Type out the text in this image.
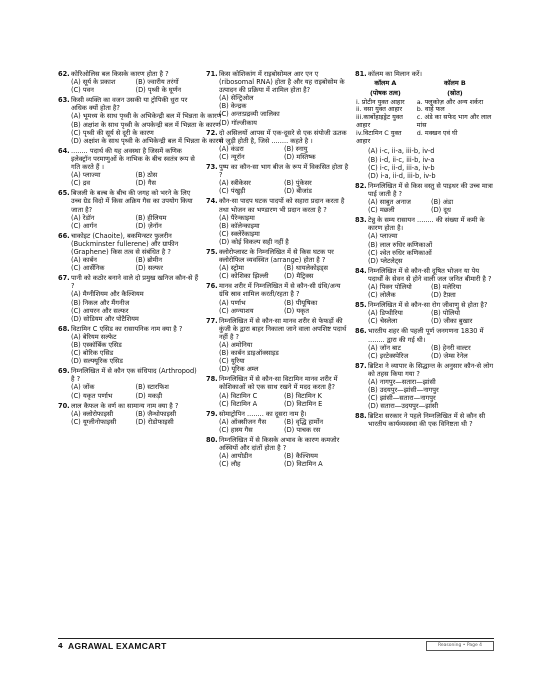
62. कोरिओलिस बल किसके कारण होता है ?
(A) सूर्य के प्रकाश	(B) ज्वारीय तरंगों
(C) पवन	(D) पृथ्वी के घूर्णन
63. किसी व्यक्ति का वजन उसकी या ट्रोपिकी धुरा पर अधिक क्यों होता है?
(A) भूमध्य के साथ पृथ्वी के अभिकेन्द्री बल में भिन्नता के कारण
(B) अक्षांश के साथ पृथ्वी के अपकेन्द्री बल में भिन्नता के कारण
(C) पृथ्वी की सूर्य से दूरी के कारण
(D) अक्षांश के साथ पृथ्वी के अभिकेन्द्री बल में भिन्नता के कारण
64. ........ पदार्थ की यह अवस्था है जिसमें कणिक इलेक्ट्रॉन परमाणुओं के नाभिक के बीच स्वतंत्र रूप से गति करते हैं ।
(A) प्लाज्मा	(B) ठोस
(C) द्रव	(D) गैस
65. बिजली के बल्ब के बीच की जगह को भरने के लिए उच्च ग्रेड विदो में किस अक्रिय गैस का उपयोग किया जाता है?
(A) रेडॉन	(B) हीलियम
(C) आर्गन	(D) ज़ेनॉन
66. चाकोइट (Chaoite), बकमिन्स्टर फुलरीन (Buckminster fullerene) और ग्राफीन (Graphene) किस तत्व से संबंधित है ?
(A) कार्बन	(B) ब्रोमीन
(C) आर्सेनिक	(D) सल्फर
67. पानी को कठोर बनाने वाले दो प्रमुख खनिज कौन-से हैं ?
(A) मैग्नीशियम और कैल्शियम
(B) निकल और मैंगनीज
(C) आयरन और सल्फर
(D) सोडियम और पोटैशियम
68. विटामिन C एसिड का रासायनिक नाम क्या है ?
(A) बेरियम सल्फेट
(B) एस्कॉर्बिक एसिड
(C) बोरिक एसिड
(D) सल्फ्यूरिक एसिड
69. निम्नलिखित में से कौन एक संधिपाद (Arthropod) है ?
(A) जोंक	(B) स्टारफिश
(C) यकृत पर्णाभ	(D) मकड़ी
70. लाल कैफल के वर्ण का सामान्य नाम क्या है ?
(A) क्लोरोफाइसी	(B) जैन्थोफाइसी
(C) यूग्लीनोफाइसी	(D) रोडोफाइसी
71. किस कोशिकांग में राइबोसोमल आर एन ए (ribosomal RNA) होता है और यह राइबोसोम के उत्पादन की प्रक्रिया में शामिल होता है?
(A) सेन्ट्रिओल
(B) केन्द्रक
(C) अन्तःप्रद्रव्यी जालिका
(D) गॉल्जीकाय
72. दो असिलयों आपस में एक-दूसरे से एक संयोजी ऊतक से जुड़ी होती है, जिसे ........ कहते है ।
(A) कंडरा	(B) स्नायु
(C) न्यूरॉन	(D) मस्तिष्क
73. पुष्प का कौन-सा भाग बीज के रूप में विकसित होता है ?
(A) स्त्रीकेसर	(B) पुंकेसर
(C) पंखुड़ी	(D) बीजांड
74. कौन-सा पादप घटक पादपों को सहारा प्रदान करता है तथा भोजन का भण्डारण भी प्रदान करता है ?
(A) पैरेन्काइमा
(B) कॉलेन्काइमा
(C) स्क्लेरेंकाइमा
(D) कोई विकल्प सही नहीं है
75. क्लोरोप्लास्ट के निम्नलिखित में से किस घटक पर क्लोरोफिल व्यवस्थित (arrange) होता है ?
(A) स्ट्रोमा	(B) थायलेकोइड्स
(C) कोशिका झिल्ली	(D) मैट्रिक्स
76. मानव शरीर में निम्नलिखित में से कौन-सी ग्रंथि/अन्य ग्रंथि स्राव शामिल करती/रहता है ?
(A) पर्णाभ	(B) पीयूषिका
(C) अग्न्याशय	(D) यकृत
77. निम्नलिखित में से कौन-सा मानव शरीर से फेफड़ों की कुंजी के द्वारा बाहर निकाला जाने वाला अपशिष्ट पदार्थ नहीं है ?
(A) अमोनिया
(B) कार्बन डाइऑक्साइड
(C) यूरिया
(D) यूरिक अम्ल
78. निम्नलिखित में से कौन-सा विटामिन मानव शरीर में कोशिकाओं को एक साथ रखने में मदद करता है?
(A) विटामिन C	(B) विटामिन K
(C) विटामिन A	(D) विटामिन E
79. सोमाट्रोपिन ........ का दूसरा नाम है।
(A) ऑक्सीजन गैस	(B) वृद्धि हार्मोन
(C) हास्य गैस	(D) पाचक रस
80. निम्नलिखित में से किसके अभाव के कारण कमजोर अस्थियों और दांतों होता है ?
(A) आयोडीन	(B) कैल्शियम
(C) लौह	(D) विटामिन A
81. कॉलम का मिलान करें।
कॉलम A	कॉलम B
(पोषक तत्व)	(स्रोत)
i. प्रोटीन युक्त आहार	a. फ्लूकोज़ और अन्य शर्करा
ii. वसा युक्त आहार	b. वाहे फल
iii.कार्बोहाइड्रेट युक्त आहार	c. अंडे का सफेद भाग और लाल मांस
iv.विटामिन C युक्त आहार	d. मक्खन एवं घी
(A) i-c, ii-a, iii-b, iv-d
(B) i-d, ii-c, iii-b, iv-a
(C) i-c, ii-d, iii-a, iv-b
(D) i-a, ii-d, iii-b, iv-b
82. निम्नलिखित में से किस वस्तु से पाइथर की उच्च मात्रा पाई जाती है ?
(A) साबुत अनाज	(B) अंडा
(C) मछली	(D) दूध
83. टेन्नु के सम्य रासायन ........ की संख्या में कमी के कारण होता है।
(A) प्लाज्मा
(B) लाल रुधिर कणिकाओं
(C) श्वेत रुधिर कणिकाओं
(D) प्लेटलेट्स
84. निम्नलिखित में से कौन-सी दूषित भोजन या पेय पदार्थों के सेवन से होने वाली जल जनित बीमारी है ?
(A) पिक्न पोलियो	(B) मलेरिया
(C) लोलैक	(D) टैफ़्ता
85. निम्नलिखित में से कौन-सा रोग जीवाणु से होता है?
(A) डिप्थीरिया	(B) पोलियो
(C) चेस्लेला	(D) जीका बुखार
86. भारतीय शहर की पहली पूर्ण जनगणना 1830 में ........ द्वारा की गई थी।
(A) जॉन बाट	(B) हेनरी वाल्टर
(C) इरटेक्स्पेरिज	(D) जेम्स रेनेल
87. ब्रिटिश ने व्यापार के सिद्धान्त के अनुसार कौन-से लोग को तहस किया गया ?
(A) नागपुर—सतारा—झांसी
(B) उदयपुर—झांसी—नागपुर
(C) झांसी—सतारा—नागपुर
(D) सतारा—उदयपुर—झांसी
88. ब्रिटिश सरकार ने पहले निम्नलिखित में से कौन सी भारतीय कार्यव्यवस्था की एक विनिष्टता थी ?
4 AGRAWAL EXAMCART	Reasoning • Page 4
